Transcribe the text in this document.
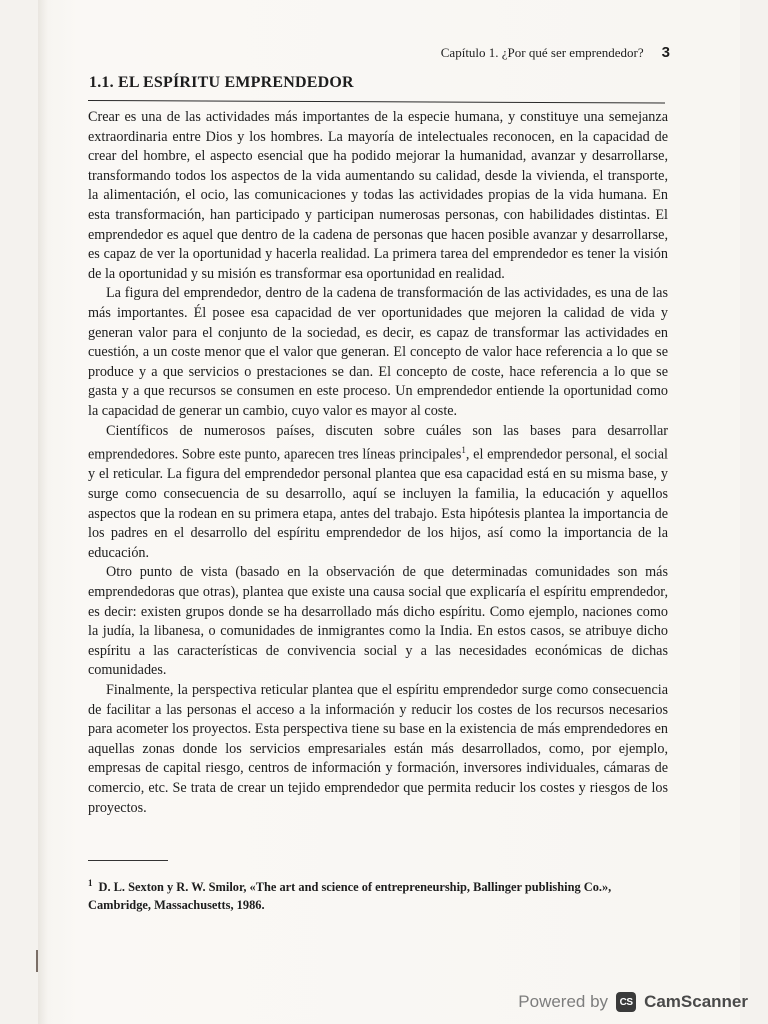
Capítulo 1. ¿Por qué ser emprendedor? 3
1.1. EL ESPÍRITU EMPRENDEDOR

Crear es una de las actividades más importantes de la especie humana, y constituye una semejanza extraordinaria entre Dios y los hombres. La mayoría de intelectuales reconocen, en la capacidad de crear del hombre, el aspecto esencial que ha podido mejorar la humanidad, avanzar y desarrollarse, transformando todos los aspectos de la vida aumentando su calidad, desde la vivienda, el transporte, la alimentación, el ocio, las comunicaciones y todas las actividades propias de la vida humana. En esta transformación, han participado y participan numerosas personas, con habilidades distintas. El emprendedor es aquel que dentro de la cadena de personas que hacen posible avanzar y desarrollarse, es capaz de ver la oportunidad y hacerla realidad. La primera tarea del emprendedor es tener la visión de la oportunidad y su misión es transformar esa oportunidad en realidad.

La figura del emprendedor, dentro de la cadena de transformación de las actividades, es una de las más importantes. Él posee esa capacidad de ver oportunidades que mejoren la calidad de vida y generan valor para el conjunto de la sociedad, es decir, es capaz de transformar las actividades en cuestión, a un coste menor que el valor que generan. El concepto de valor hace referencia a lo que se produce y a que servicios o prestaciones se dan. El concepto de coste, hace referencia a lo que se gasta y a que recursos se consumen en este proceso. Un emprendedor entiende la oportunidad como la capacidad de generar un cambio, cuyo valor es mayor al coste.

Científicos de numerosos países, discuten sobre cuáles son las bases para desarrollar emprendedores. Sobre este punto, aparecen tres líneas principales$^1$, el emprendedor personal, el social y el reticular. La figura del emprendedor personal plantea que esa capacidad está en su misma base, y surge como consecuencia de su desarrollo, aquí se incluyen la familia, la educación y aquellos aspectos que la rodean en su primera etapa, antes del trabajo. Esta hipótesis plantea la importancia de los padres en el desarrollo del espíritu emprendedor de los hijos, así como la importancia de la educación.

Otro punto de vista (basado en la observación de que determinadas comunidades son más emprendedoras que otras), plantea que existe una causa social que explicaría el espíritu emprendedor, es decir: existen grupos donde se ha desarrollado más dicho espíritu. Como ejemplo, naciones como la judía, la libanesa, o comunidades de inmigrantes como la India. En estos casos, se atribuye dicho espíritu a las características de convivencia social y a las necesidades económicas de dichas comunidades.

Finalmente, la perspectiva reticular plantea que el espíritu emprendedor surge como consecuencia de facilitar a las personas el acceso a la información y reducir los costes de los recursos necesarios para acometer los proyectos. Esta perspectiva tiene su base en la existencia de más emprendedores en aquellas zonas donde los servicios empresariales están más desarrollados, como, por ejemplo, empresas de capital riesgo, centros de información y formación, inversores individuales, cámaras de comercio, etc. Se trata de crear un tejido emprendedor que permita reducir los costes y riesgos de los proyectos.

$^1$ D. L. Sexton y R. W. Smilor, «The art and science of entrepreneurship, Ballinger publishing Co.», Cambridge, Massachusetts, 1986.
Powered by	CS CamScanner
